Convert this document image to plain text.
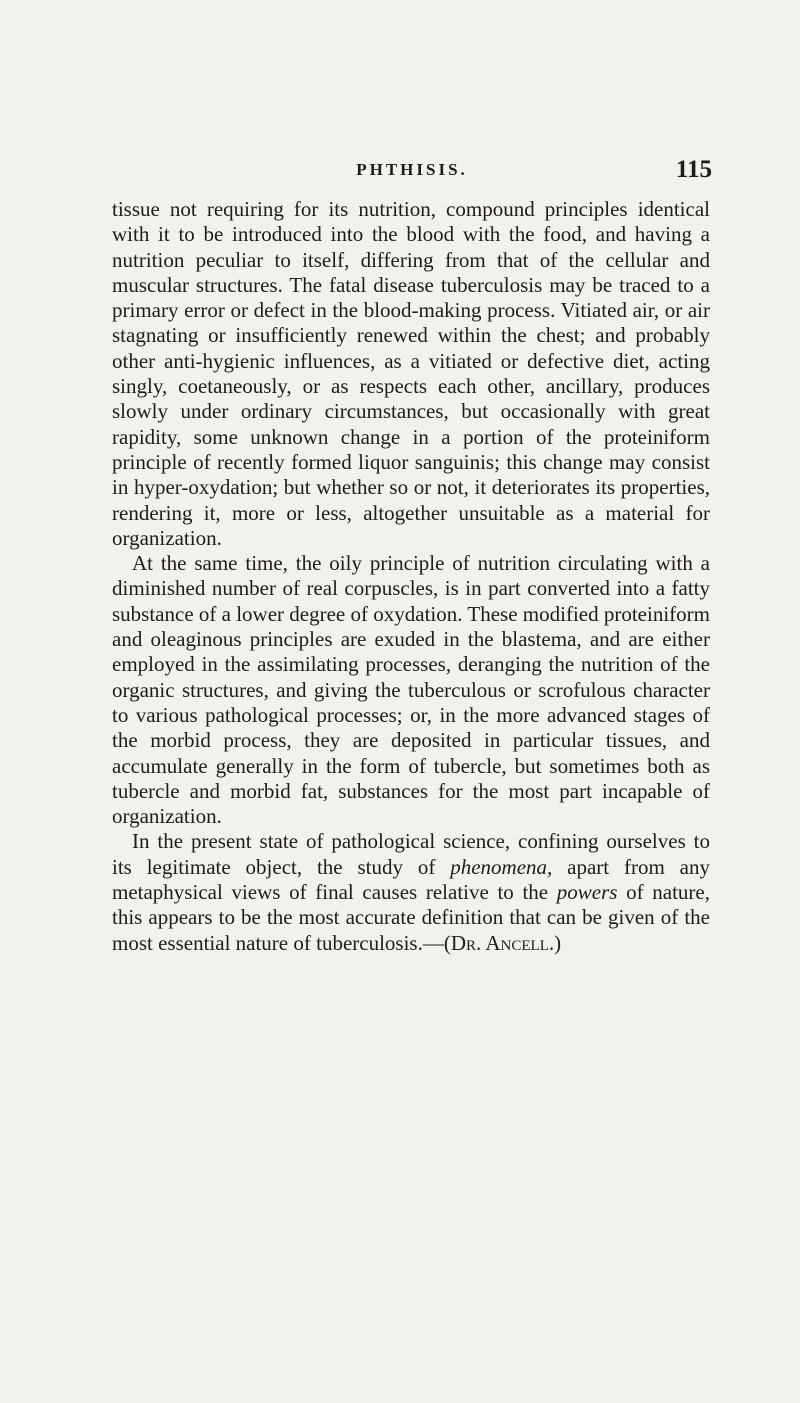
PHTHISIS.	115

tissue not requiring for its nutrition, compound principles identical with it to be introduced into the blood with the food, and having a nutrition peculiar to itself, differing from that of the cellular and muscular structures. The fatal disease tuberculosis may be traced to a primary error or defect in the blood-making process. Vitiated air, or air stagnating or insufficiently renewed within the chest; and probably other anti-hygienic influences, as a vitiated or defective diet, acting singly, coetaneously, or as respects each other, ancillary, produces slowly under ordinary circumstances, but occasionally with great rapidity, some unknown change in a portion of the proteiniform principle of recently formed liquor sanguinis; this change may consist in hyper-oxydation; but whether so or not, it deteriorates its properties, rendering it, more or less, altogether unsuitable as a material for organization.

At the same time, the oily principle of nutrition circulating with a diminished number of real corpuscles, is in part converted into a fatty substance of a lower degree of oxydation. These modified proteiniform and oleaginous principles are exuded in the blastema, and are either employed in the assimilating processes, deranging the nutrition of the organic structures, and giving the tuberculous or scrofulous character to various pathological processes; or, in the more advanced stages of the morbid process, they are deposited in particular tissues, and accumulate generally in the form of tubercle, but sometimes both as tubercle and morbid fat, substances for the most part incapable of organization.

In the present state of pathological science, confining ourselves to its legitimate object, the study of phenomena, apart from any metaphysical views of final causes relative to the powers of nature, this appears to be the most accurate definition that can be given of the most essential nature of tuberculosis.—(Dr. Ancell.)
